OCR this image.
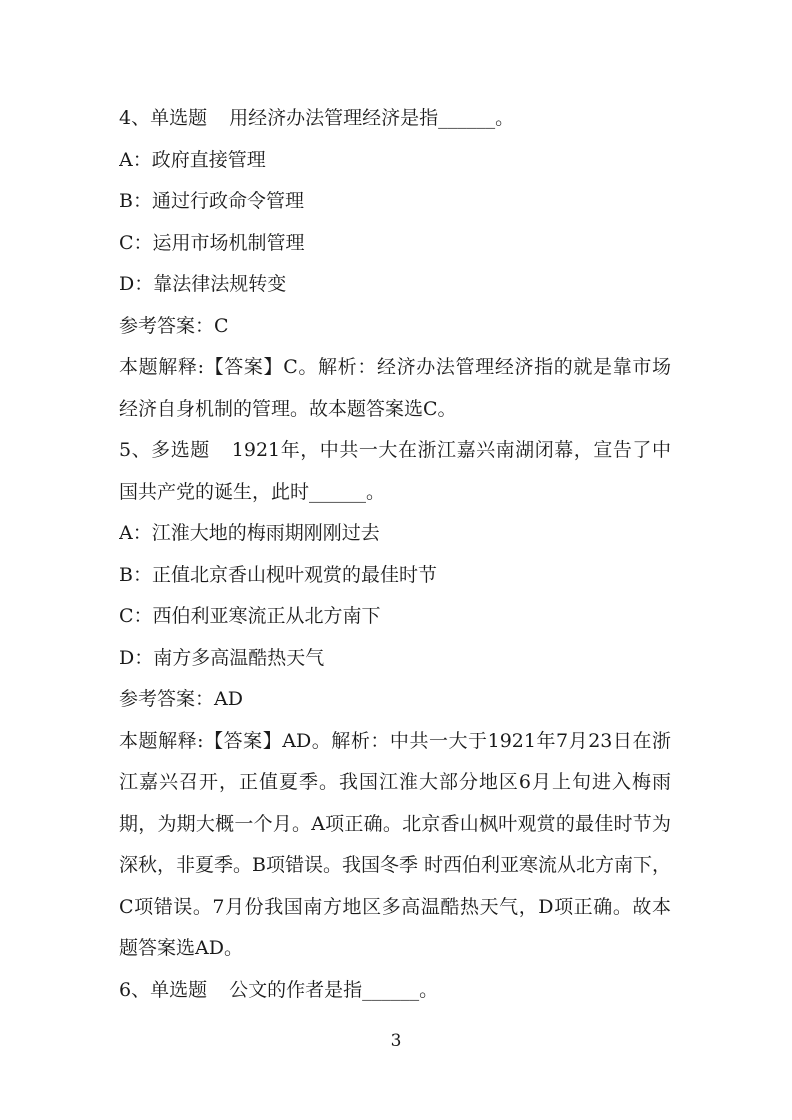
4、单选题 用经济办法管理经济是指______。
A：政府直接管理
B：通过行政命令管理
C：运用市场机制管理
D：靠法律法规转变
参考答案：C
本题解释:【答案】C。解析：经济办法管理经济指的就是靠市场经济自身机制的管理。故本题答案选C。
5、多选题 1921年，中共一大在浙江嘉兴南湖闭幕，宣告了中国共产党的诞生，此时______。
A：江淮大地的梅雨期刚刚过去
B：正值北京香山枧叶观赏的最佳时节
C：西伯利亚寒流正从北方南下
D：南方多高温酷热天气
参考答案：AD
本题解释:【答案】AD。解析：中共一大于1921年7月23日在浙江嘉兴召开，正值夏季。我国江淮大部分地区6月上旬进入梅雨期，为期大概一个月。A项正确。北京香山枫叶观赏的最佳时节为深秋，非夏季。B项错误。我国冬季 时西伯利亚寒流从北方南下，C项错误。7月份我国南方地区多高温酷热天气，D项正确。故本题答案选AD。
6、单选题 公文的作者是指______。
3
